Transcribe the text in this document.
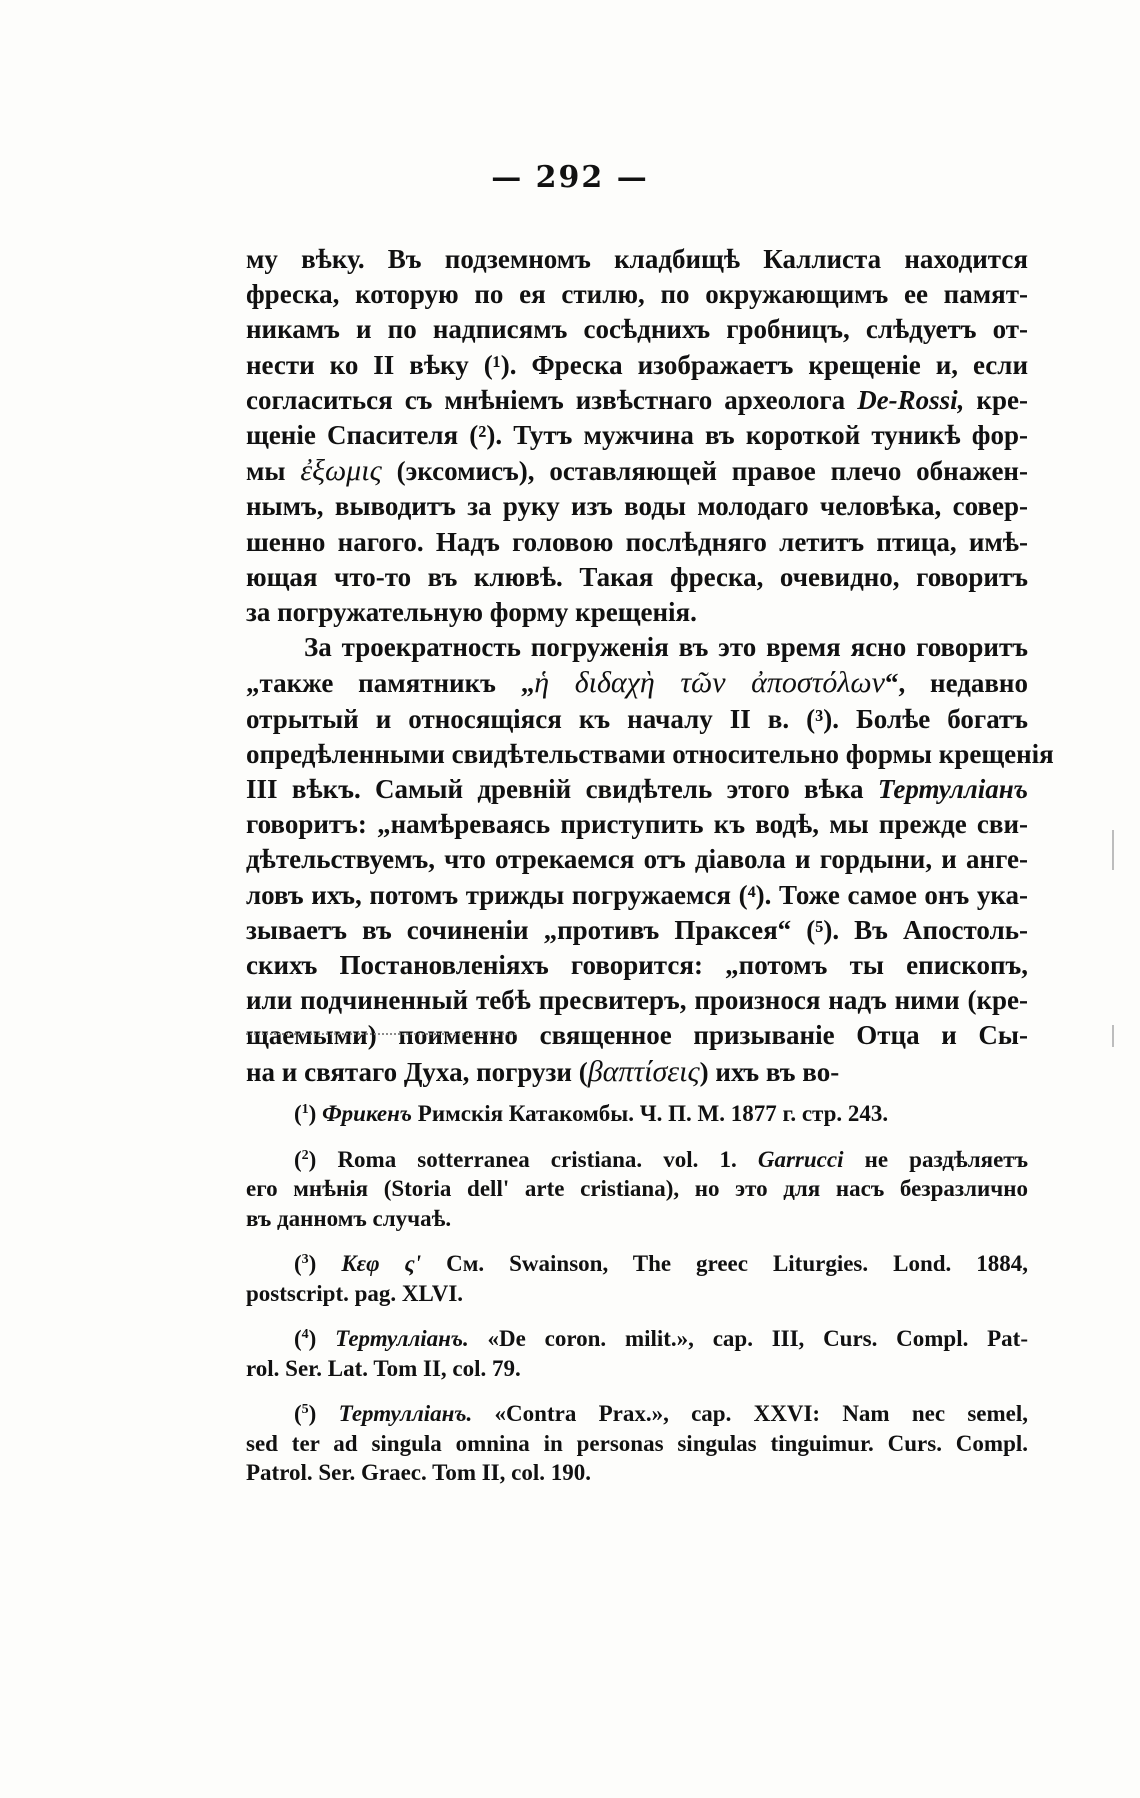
— 292 —
му вѣку. Въ подземномъ кладбищѣ Каллиста находится
фреска, которую по ея стилю, по окружающимъ ее памят-
никамъ и по надписямъ сосѣднихъ гробницъ, слѣдуетъ от-
нести ко II вѣку (¹). Фреска изображаетъ крещеніе и, если
согласиться съ мнѣніемъ извѣстнаго археолога De-Rossi, кре-
щеніе Спасителя (²). Тутъ мужчина въ короткой туникѣ фор-
мы ἐξωμις (эксомисъ), оставляющей правое плечо обнажен-
нымъ, выводитъ за руку изъ воды молодаго человѣка, совер-
шенно нагого. Надъ головою послѣдняго летитъ птица, имѣ-
ющая что-то въ клювѣ. Такая фреска, очевидно, говоритъ
за погружательную форму крещенія.
За троекратность погруженія въ это время ясно говоритъ
„также памятникъ „ἡ διδαχὴ τῶν ἀποστόλων“, недавно
отрытый и относящіяся къ началу II в. (³). Болѣе богатъ
опредѣленными свидѣтельствами относительно формы крещенія
III вѣкъ. Самый древній свидѣтель этого вѣка Тертулліанъ
говоритъ: „намѣреваясь приступить къ водѣ, мы прежде сви-
дѣтельствуемъ, что отрекаемся отъ діавола и гордыни, и анге-
ловъ ихъ, потомъ трижды погружаемся (⁴). Тоже самое онъ ука-
зываетъ въ сочиненіи „противъ Праксея“ (⁵). Въ Апостоль-
скихъ Постановленіяхъ говорится: „потомъ ты епископъ,
или подчиненный тебѣ пресвитеръ, произнося надъ ними (кре-
щаемыми) поименно священное призываніе Отца и Сы-
на и святаго Духа, погрузи (βαπτίσεις) ихъ въ во-
($^1$) Фрикенъ Римскія Катакомбы. Ч. П. М. 1877 г. стр. 243.
($^2$) Roma sotterranea cristiana. vol. 1. Garrucci не раздѣляетъ
его мнѣнія (Storia dell' arte cristiana), но это для насъ безразлично
въ данномъ случаѣ.
($^3$) Κεφ ς' См. Swainson, The greec Liturgies. Lond. 1884,
postscript. pag. XLVI.
($^4$) Тертулліанъ. «De coron. milit.», cap. III, Curs. Compl. Pat-
rol. Ser. Lat. Tom II, col. 79.
($^5$) Тертулліанъ. «Contra Prax.», cap. XXVI: Nam nec semel,
sed ter ad singula omnina in personas singulas tinguimur. Curs. Compl.
Patrol. Ser. Graec. Tom II, col. 190.
